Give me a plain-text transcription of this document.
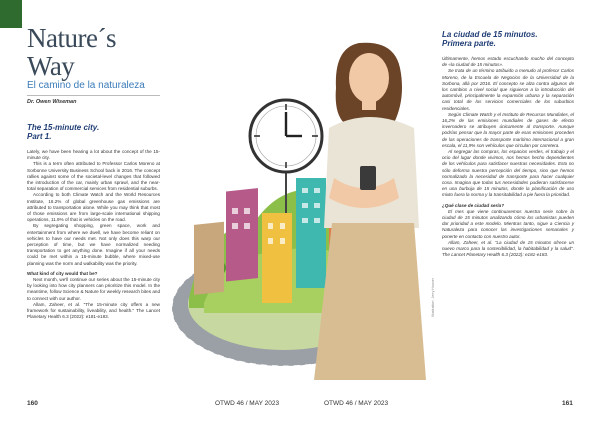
Nature´s Way
El camino de la naturaleza
Dr. Owen Wiseman
The 15-minute city.
Part 1.

Lately, we have been hearing a lot about the concept of the 15-minute city.

This is a term often attributed to Professor Carlos Moreno at Sorbonne University Business School back in 2016. The concept rallies against some of the societal-level changes that followed the introduction of the car, mainly urban sprawl, and the near-total separation of commercial services from residential suburbs.

According to both Climate Watch and the World Resources Institute, 16.2% of global greenhouse gas emissions are attributed to transportation alone. While you may think that most of those emissions are from large-scale international shipping operations, 11.9% of that is vehicles on the road.

By segregating shopping, green space, work and entertainment from where we dwell, we have become reliant on vehicles to have our needs met. Not only does this warp our perception of time, but we have normalized needing transportation to get anything done. Imagine if all your needs could be met within a 15-minute bubble, where mixed-use planning was the norm and walkability was the priority.

What kind of city would that be?

Next month, we'll continue our series about the 15-minute city by looking into how city planners can prioritize this model. In the meantime, follow Science & Nature for weekly research bites and to connect with our author.

Allam, Zaheer, et al. "The 15-minute city offers a new framework for sustainability, liveability, and health." The Lancet Planetary Health 6.3 (2022): e181-e183.	Illustration: Jerry Hoover
La ciudad de 15 minutos.
Primera parte.

Últimamente, hemos estado escuchando mucho del concepto de «la ciudad de 15 minutos».

Se trata de un término atribuido a menudo al profesor Carlos Moreno, de la Escuela de Negocios de la Universidad de la Sorbona, allá por 2016. El concepto se alza contra algunos de los cambios a nivel social que siguieron a la introducción del automóvil, principalmente la expansión urbana y la separación casi total de los servicios comerciales de los suburbios residenciales.

Según Climate Watch y el Instituto de Recursos Mundiales, el 16,2% de las emisiones mundiales de gases de efecto invernadero se atribuyen únicamente al transporte. Aunque podrías pensar que la mayor parte de esas emisiones proceden de las operaciones de transporte marítimo internacional a gran escala, el 11,9% son vehículos que circulan por carretera.

Al segregar las compras, los espacios verdes, el trabajo y el ocio del lugar donde vivimos, nos hemos hecho dependientes de los vehículos para satisfacer nuestras necesidades. Esto no sólo deforma nuestra percepción del tiempo, sino que hemos normalizado la necesidad de transporte para hacer cualquier cosa. Imagina que todas tus necesidades pudieran satisfacerse en una burbuja de 15 minutos, donde la planificación de uso mixto fuera la norma y la transitabilidad a pie fuera la prioridad.

¿Qué clase de ciudad sería?

El mes que viene continuaremos nuestra serie sobre la ciudad de 15 minutos analizando cómo los urbanistas pueden dar prioridad a este modelo. Mientras tanto, sigue a Ciencia y Naturaleza para conocer las investigaciones semanales y ponerte en contacto con nuestro autor.

Allam, Zaheer, et al. "La ciudad de 15 minutos ofrece un nuevo marco para la sostenibilidad, la habitabilidad y la salud". The Lancet Planetary Health 6.3 (2022): e181-e183.

160	OTWD 46 / MAY 2023	OTWD 46 / MAY 2023	161
